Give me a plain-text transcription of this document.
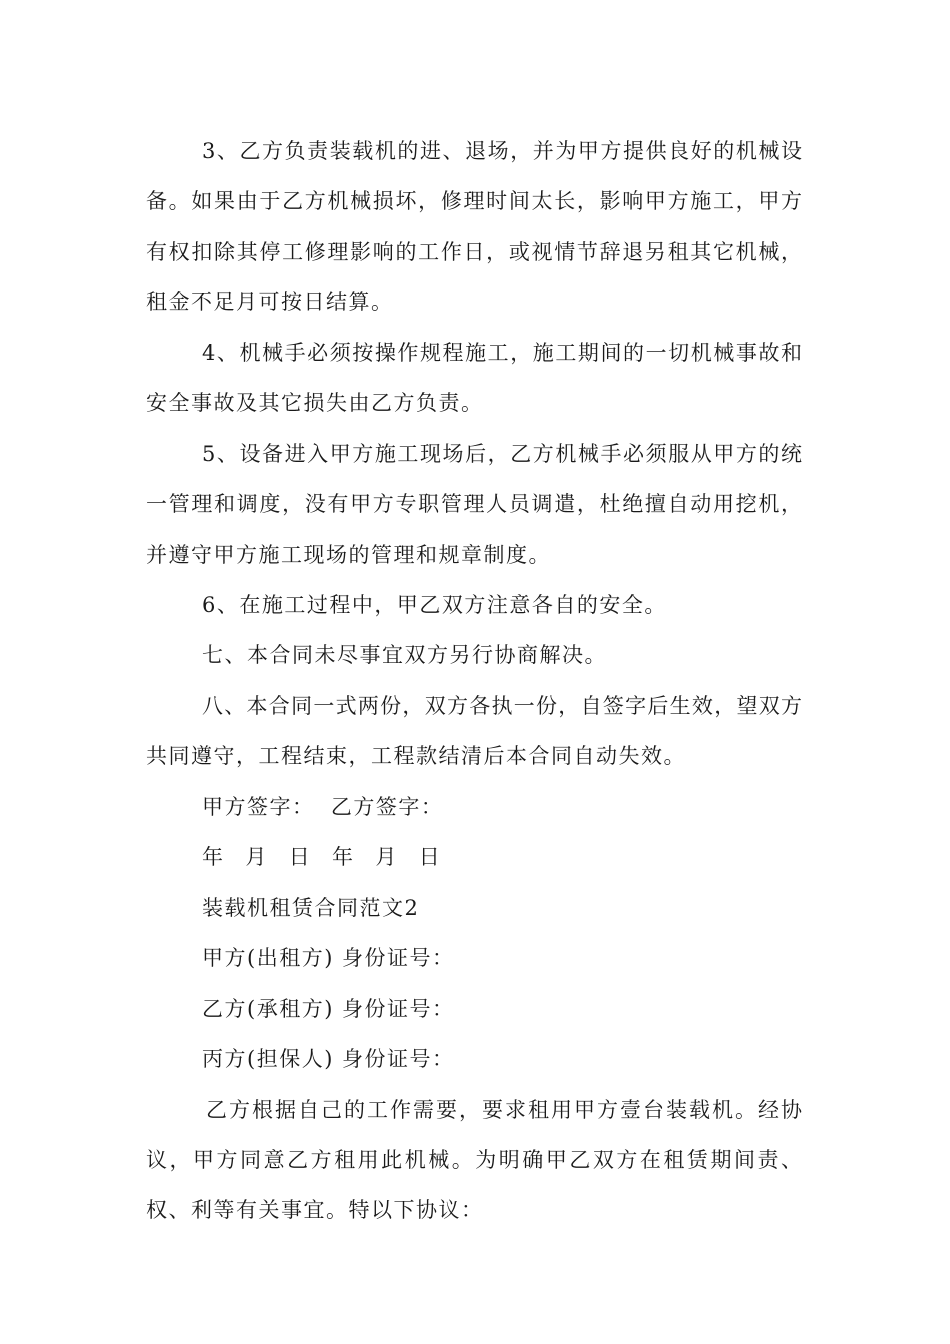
3、乙方负责装载机的进、退场，并为甲方提供良好的机械设
备。如果由于乙方机械损坏，修理时间太长，影响甲方施工，甲方
有权扣除其停工修理影响的工作日，或视情节辞退另租其它机械，
租金不足月可按日结算。
4、机械手必须按操作规程施工，施工期间的一切机械事故和
安全事故及其它损失由乙方负责。
5、设备进入甲方施工现场后，乙方机械手必须服从甲方的统
一管理和调度，没有甲方专职管理人员调遣，杜绝擅自动用挖机，
并遵守甲方施工现场的管理和规章制度。
6、在施工过程中，甲乙双方注意各自的安全。
七、本合同未尽事宜双方另行协商解决。
八、本合同一式两份，双方各执一份，自签字后生效，望双方
共同遵守，工程结束，工程款结清后本合同自动失效。
甲方签字：  乙方签字：
年  月  日  年  月  日
装载机租赁合同范文2
甲方(出租方) 身份证号：
乙方(承租方) 身份证号：
丙方(担保人) 身份证号：
乙方根据自己的工作需要，要求租用甲方壹台装载机。经协
议，甲方同意乙方租用此机械。为明确甲乙双方在租赁期间责、
权、利等有关事宜。特以下协议：
